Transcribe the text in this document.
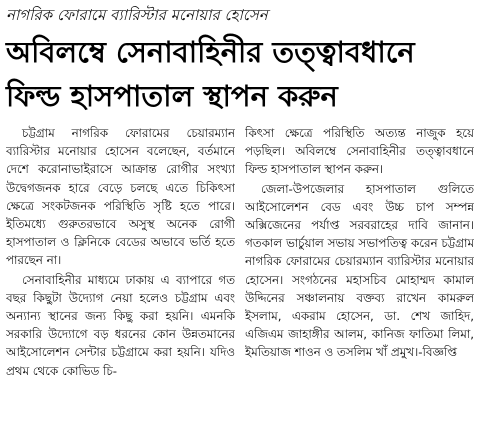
নাগরিক ফোরামে ব্যারিস্টার মনোয়ার হোসেন
অবিলম্বে সেনাবাহিনীর তত্ত্বাবধানে
ফিল্ড হাসপাতাল স্থাপন করুন

চট্টগ্রাম নাগরিক ফোরামের চেয়ারম্যান ব্যারিস্টার মনোয়ার হোসেন বলেছেন, বর্তমানে দেশে করোনাভাইরাসে আক্রান্ত রোগীর সংখ্যা উদ্বেগজনক হারে বেড়ে চলছে এতে চিকিৎসা ক্ষেত্রে সংকটজনক পরিস্থিতি সৃষ্টি হতে পারে। ইতিমধ্যে গুরুতরভাবে অসুস্থ অনেক রোগী হাসপাতাল ও ক্লিনিকে বেডের অভাবে ভর্তি হতে পারছেন না।

সেনাবাহিনীর মাধ্যমে ঢাকায় এ ব্যাপারে গত বছর কিছুটা উদ্যোগ নেয়া হলেও চট্টগ্রাম এবং অন্যান্য স্থানের জন্য কিছু করা হয়নি। এমনকি সরকারি উদ্যোগে বড় ধরনের কোন উন্নতমানের আইসোলেশন সেন্টার চট্টগ্রামে করা হয়নি। যদিও প্রথম থেকে কোভিড চি-

কিৎসা ক্ষেত্রে পরিস্থিতি অত্যন্ত নাজুক হয়ে পড়ছিল। অবিলম্বে সেনাবাহিনীর তত্ত্বাবধানে ফিল্ড হাসপাতাল স্থাপন করুন।

জেলা-উপজেলার হাসপাতাল গুলিতে আইসোলেশন বেড এবং উচ্চ চাপ সম্পন্ন অক্সিজেনের পর্যাপ্ত সরবরাহের দাবি জানান। গতকাল ভার্চুয়াল সভায় সভাপতিত্ব করেন চট্টগ্রাম নাগরিক ফোরামের চেয়ারম্যান ব্যারিস্টার মনোয়ার হোসেন। সংগঠনের মহাসচিব মোহাম্মদ কামাল উদ্দিনের সঞ্চালনায় বক্তব্য রাখেন কামরুল ইসলাম, একরাম হোসেন, ডা. শেখ জাহিদ, এজিএম জাহাঙ্গীর আলম, কানিজ ফাতিমা লিমা, ইমতিয়াজ শাওন ও তসলিম খাঁ প্রমুখ।-বিজ্ঞপ্তি
